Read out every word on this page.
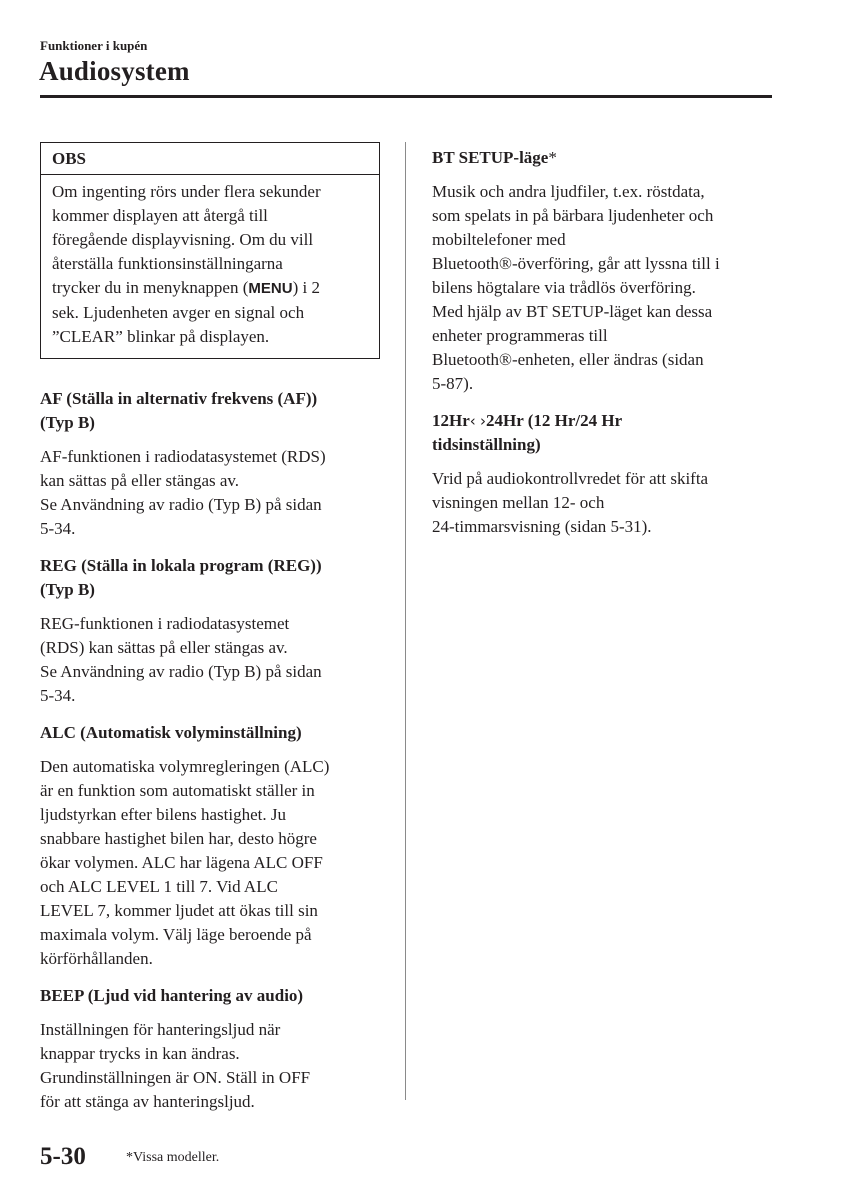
Funktioner i kupén
Audiosystem
OBS
Om ingenting rörs under flera sekunder
kommer displayen att återgå till
föregående displayvisning. Om du vill
återställa funktionsinställningarna
trycker du in menyknappen (MENU) i 2
sek. Ljudenheten avger en signal och
”CLEAR” blinkar på displayen.

AF (Ställa in alternativ frekvens (AF))
(Typ B)

AF-funktionen i radiodatasystemet (RDS)
kan sättas på eller stängas av.
Se Användning av radio (Typ B) på sidan
5-34.

REG (Ställa in lokala program (REG))
(Typ B)

REG-funktionen i radiodatasystemet
(RDS) kan sättas på eller stängas av.
Se Användning av radio (Typ B) på sidan
5-34.

ALC (Automatisk volyminställning)

Den automatiska volymregleringen (ALC)
är en funktion som automatiskt ställer in
ljudstyrkan efter bilens hastighet. Ju
snabbare hastighet bilen har, desto högre
ökar volymen. ALC har lägena ALC OFF
och ALC LEVEL 1 till 7. Vid ALC
LEVEL 7, kommer ljudet att ökas till sin
maximala volym. Välj läge beroende på
körförhållanden.

BEEP (Ljud vid hantering av audio)

Inställningen för hanteringsljud när
knappar trycks in kan ändras.
Grundinställningen är ON. Ställ in OFF
för att stänga av hanteringsljud.

BT SETUP-läge*

Musik och andra ljudfiler, t.ex. röstdata,
som spelats in på bärbara ljudenheter och
mobiltelefoner med
Bluetooth®-överföring, går att lyssna till i
bilens högtalare via trådlös överföring.
Med hjälp av BT SETUP-läget kan dessa
enheter programmeras till
Bluetooth®-enheten, eller ändras (sidan
5-87).

12Hr‹ ›24Hr (12 Hr/24 Hr
tidsinställning)

Vrid på audiokontrollvredet för att skifta
visningen mellan 12- och
24-timmarsvisning (sidan 5-31).

5-30	*Vissa modeller.
